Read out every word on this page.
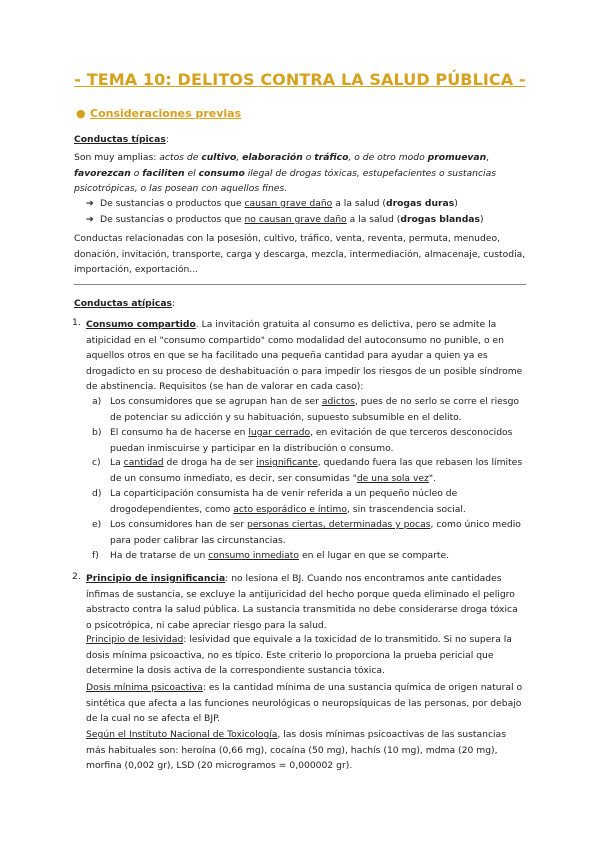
- TEMA 10: DELITOS CONTRA LA SALUD PÚBLICA -
● Consideraciones previas
Conductas típicas:
Son muy amplias: actos de cultivo, elaboración o tráfico, o de otro modo promuevan, favorezcan o faciliten el consumo ilegal de drogas tóxicas, estupefacientes o sustancias psicotrópicas, o las posean con aquellos fines.
➔ De sustancias o productos que causan grave daño a la salud (drogas duras)
➔ De sustancias o productos que no causan grave daño a la salud (drogas blandas)
Conductas relacionadas con la posesión, cultivo, tráfico, venta, reventa, permuta, menudeo, donación, invitación, transporte, carga y descarga, mezcla, intermediación, almacenaje, custodia, importación, exportación...
Conductas atípicas:
1. Consumo compartido. La invitación gratuita al consumo es delictiva, pero se admite la atipicidad en el "consumo compartido" como modalidad del autoconsumo no punible, o en aquellos otros en que se ha facilitado una pequeña cantidad para ayudar a quien ya es drogadicto en su proceso de deshabituación o para impedir los riesgos de un posible síndrome de abstinencia. Requisitos (se han de valorar en cada caso):
a) Los consumidores que se agrupan han de ser adictos, pues de no serlo se corre el riesgo de potenciar su adicción y su habituación, supuesto subsumible en el delito.
b) El consumo ha de hacerse en lugar cerrado, en evitación de que terceros desconocidos puedan inmiscuirse y participar en la distribución o consumo.
c)	La cantidad de droga ha de ser insignificante, quedando fuera las que rebasen los límites de un consumo inmediato, es decir, ser consumidas "de una sola vez".
d) La coparticipación consumista ha de venir referida a un pequeño núcleo de drogodependientes, como acto esporádico e íntimo, sin trascendencia social.
e) Los consumidores han de ser personas ciertas, determinadas y pocas, como único medio para poder calibrar las circunstancias.
f)	Ha de tratarse de un consumo inmediato en el lugar en que se comparte.
2. Principio de insignificancia: no lesiona el BJ. Cuando nos encontramos ante cantidades ínfimas de sustancia, se excluye la antijuricidad del hecho porque queda eliminado el peligro abstracto contra la salud pública. La sustancia transmitida no debe considerarse droga tóxica o psicotrópica, ni cabe apreciar riesgo para la salud.
Principio de lesividad: lesividad que equivale a la toxicidad de lo transmitido. Si no supera la dosis mínima psicoactiva, no es típico. Este criterio lo proporciona la prueba pericial que determine la dosis activa de la correspondiente sustancia tóxica.
Dosis mínima psicoactiva: es la cantidad mínima de una sustancia química de origen natural o sintética que afecta a las funciones neurológicas o neuropsíquicas de las personas, por debajo de la cual no se afecta el BJP.
Según el Instituto Nacional de Toxicología, las dosis mínimas psicoactivas de las sustancias más habituales son: heroína (0,66 mg), cocaína (50 mg), hachís (10 mg), mdma (20 mg), morfina (0,002 gr), LSD (20 microgramos = 0,000002 gr).
